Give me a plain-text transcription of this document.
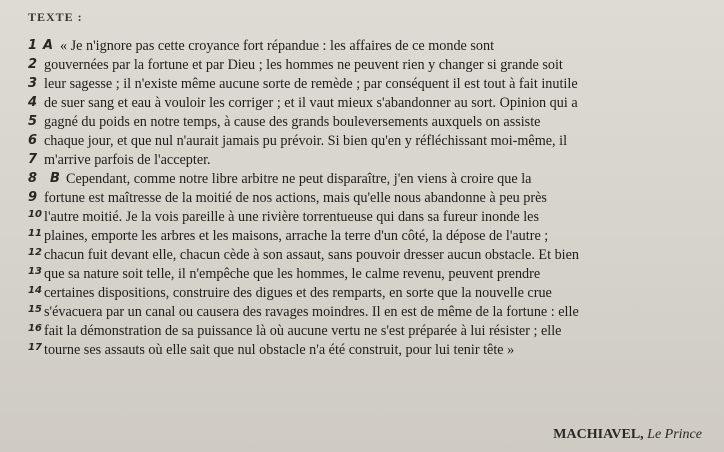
TEXTE :
1 A « Je n'ignore pas cette croyance fort répandue : les affaires de ce monde sont
2 gouvernées par la fortune et par Dieu ; les hommes ne peuvent rien y changer si grande soit
3 leur sagesse ; il n'existe même aucune sorte de remède ; par conséquent il est tout à fait inutile
4 de suer sang et eau à vouloir les corriger ; et il vaut mieux s'abandonner au sort. Opinion qui a
5 gagné du poids en notre temps, à cause des grands bouleversements auxquels on assiste
6 chaque jour, et que nul n'aurait jamais pu prévoir. Si bien qu'en y réfléchissant moi-même, il
7 m'arrive parfois de l'accepter.
8 B Cependant, comme notre libre arbitre ne peut disparaître, j'en viens à croire que la
9 fortune est maîtresse de la moitié de nos actions, mais qu'elle nous abandonne à peu près
10 l'autre moitié. Je la vois pareille à une rivière torrentueuse qui dans sa fureur inonde les
11 plaines, emporte les arbres et les maisons, arrache la terre d'un côté, la dépose de l'autre ;
12 chacun fuit devant elle, chacun cède à son assaut, sans pouvoir dresser aucun obstacle. Et bien
13 que sa nature soit telle, il n'empêche que les hommes, le calme revenu, peuvent prendre
14 certaines dispositions, construire des digues et des remparts, en sorte que la nouvelle crue
15 s'évacuera par un canal ou causera des ravages moindres. Il en est de même de la fortune : elle
16 fait la démonstration de sa puissance là où aucune vertu ne s'est préparée à lui résister ; elle
17 tourne ses assauts où elle sait que nul obstacle n'a été construit, pour lui tenir tête »
MACHIAVEL, Le Prince
